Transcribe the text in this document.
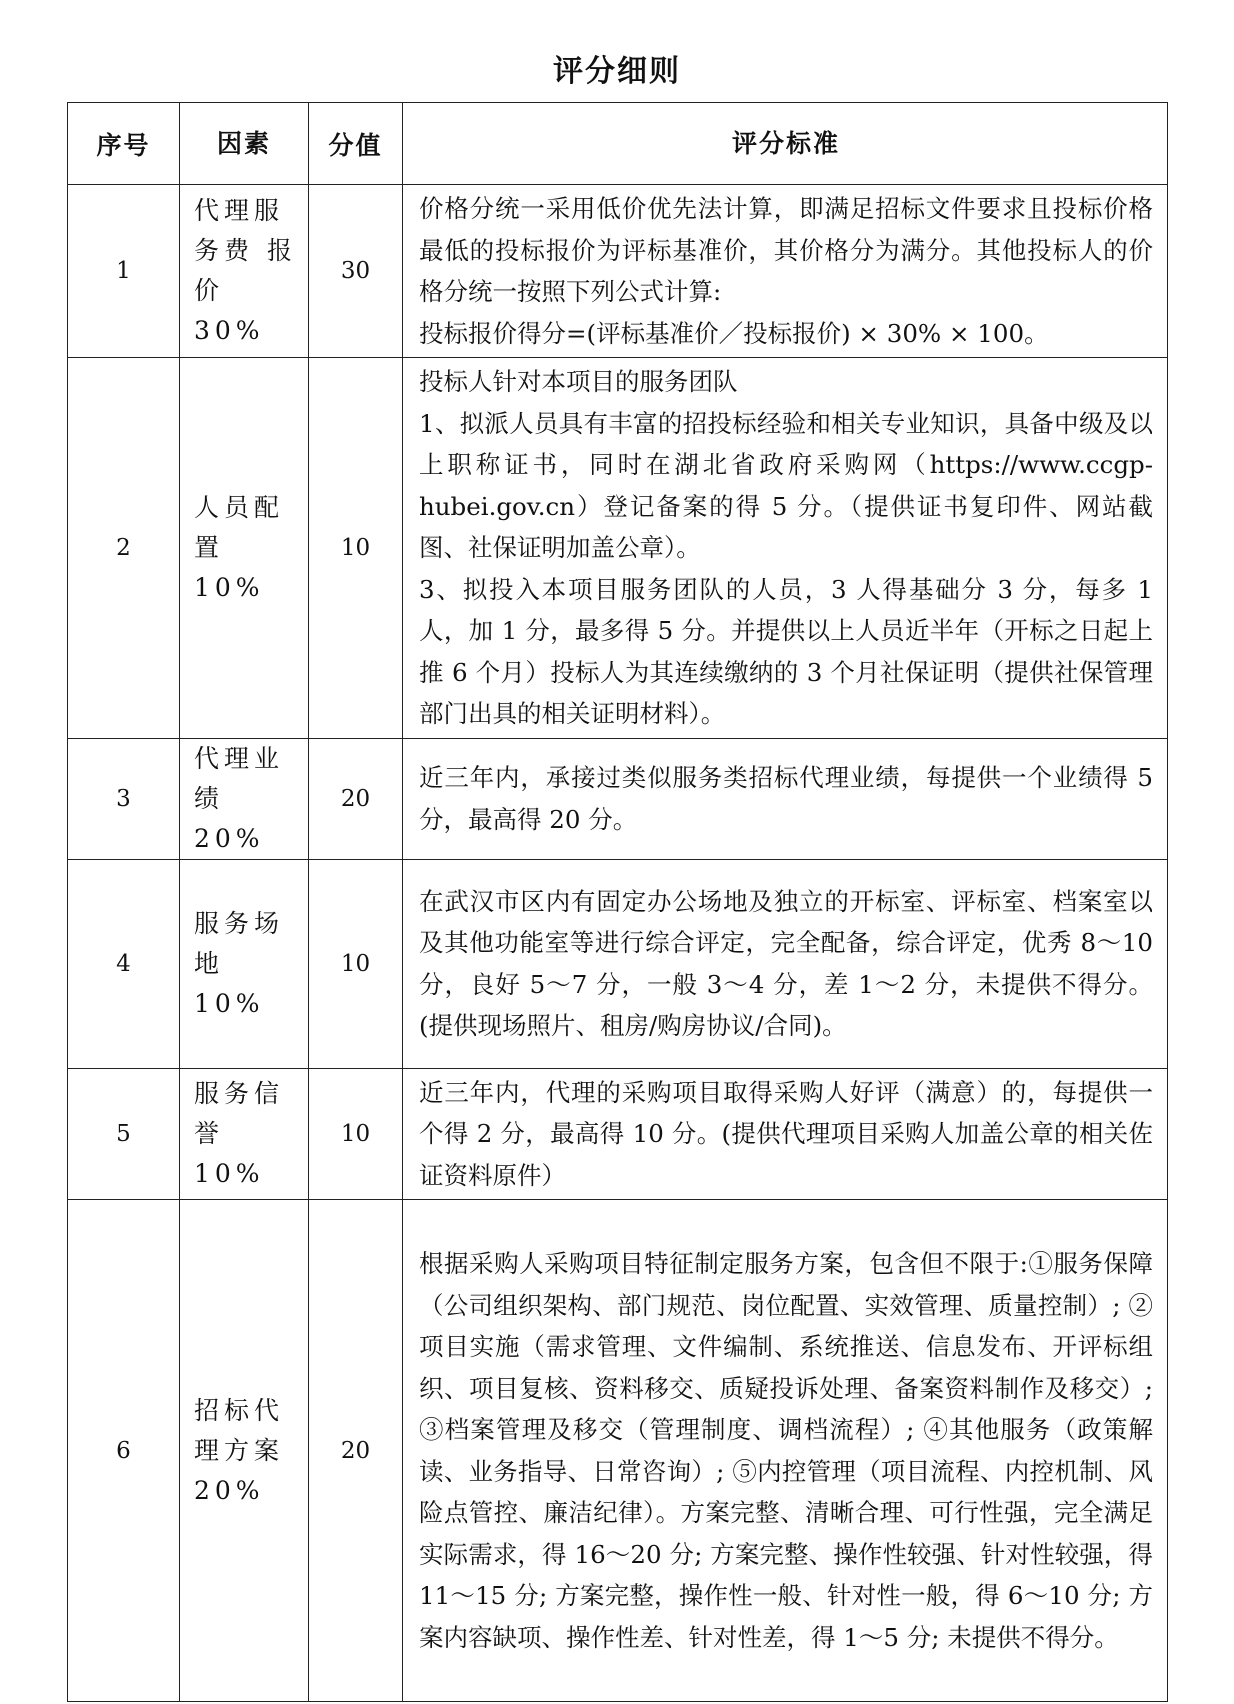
评分细则
序号	因素	分值	评分标准
1	代理服务费 报 价 30%	30	价格分统一采用低价优先法计算，即满足招标文件要求且投标价格最低的投标报价为评标基准价，其价格分为满分。其他投标人的价格分统一按照下列公式计算:
投标报价得分=(评标基准价／投标报价) × 30% × 100。

2	人员配置 10%	10	投标人针对本项目的服务团队
1、拟派人员具有丰富的招投标经验和相关专业知识，具备中级及以上职称证书，同时在湖北省政府采购网（https://www.ccgp-hubei.gov.cn）登记备案的得 5 分。（提供证书复印件、网站截图、社保证明加盖公章）。
3、拟投入本项目服务团队的人员，3 人得基础分 3 分，每多 1 人，加 1 分，最多得 5 分。并提供以上人员近半年（开标之日起上推 6 个月）投标人为其连续缴纳的 3 个月社保证明（提供社保管理部门出具的相关证明材料）。

3	代理业绩 20%	20	近三年内，承接过类似服务类招标代理业绩，每提供一个业绩得 5 分，最高得 20 分。

4	服务场地 10%	10	在武汉市区内有固定办公场地及独立的开标室、评标室、档案室以及其他功能室等进行综合评定，完全配备，综合评定，优秀 8～10 分，良好 5～7 分，一般 3～4 分，差 1～2 分，未提供不得分。(提供现场照片、租房/购房协议/合同)。

5	服务信誉 10%	10	近三年内，代理的采购项目取得采购人好评（满意）的，每提供一个得 2 分，最高得 10 分。(提供代理项目采购人加盖公章的相关佐证资料原件）

6	招标代理方案 20%	20	根据采购人采购项目特征制定服务方案，包含但不限于:①服务保障（公司组织架构、部门规范、岗位配置、实效管理、质量控制）; ②项目实施（需求管理、文件编制、系统推送、信息发布、开评标组织、项目复核、资料移交、质疑投诉处理、备案资料制作及移交）; ③档案管理及移交（管理制度、调档流程）; ④其他服务（政策解读、业务指导、日常咨询）; ⑤内控管理（项目流程、内控机制、风险点管控、廉洁纪律）。方案完整、清晰合理、可行性强，完全满足实际需求，得 16～20 分; 方案完整、操作性较强、针对性较强，得 11～15 分; 方案完整，操作性一般、针对性一般，得 6～10 分; 方案内容缺项、操作性差、针对性差，得 1～5 分; 未提供不得分。
